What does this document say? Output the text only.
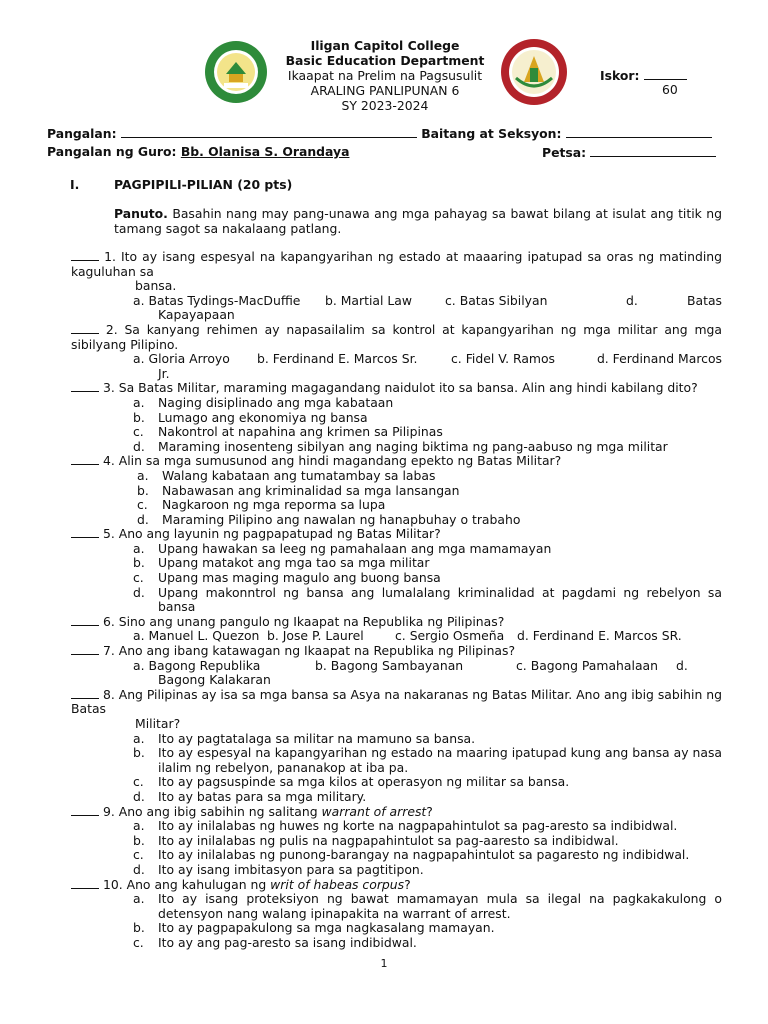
Iligan Capitol College
Basic Education Department
Ikaapat na Prelim na Pagsusulit
ARALING PANLIPUNAN 6
SY 2023-2024
Iskor:
60
Pangalan:	Baitang at Seksyon:
Pangalan ng Guro: Bb. Olanisa S. Orandaya	Petsa:
I.	PAGPIPILI-PILIAN (20 pts)
Panuto. Basahin nang may pang-unawa ang mga pahayag sa bawat bilang at isulat ang titik ng tamang sagot sa nakalaang patlang.
1. Ito ay isang espesyal na kapangyarihan ng estado at maaaring ipatupad sa oras ng matinding kaguluhan sa
bansa.
a. Batas Tydings-MacDuffie	b. Martial Law	c. Batas Sibilyan	d.	Batas
Kapayapaan
2. Sa kanyang rehimen ay napasailalim sa kontrol at kapangyarihan ng mga militar ang mga sibilyang Pilipino.
a. Gloria Arroyo	b. Ferdinand E. Marcos Sr.	c. Fidel V. Ramos	d. Ferdinand Marcos
Jr.
3. Sa Batas Militar, maraming magagandang naidulot ito sa bansa. Alin ang hindi kabilang dito?
a.	Naging disiplinado ang mga kabataan
b.	Lumago ang ekonomiya ng bansa
c.	Nakontrol at napahina ang krimen sa Pilipinas
d.	Maraming inosenteng sibilyan ang naging biktima ng pang-aabuso ng mga militar
4. Alin sa mga sumusunod ang hindi magandang epekto ng Batas Militar?
a.	Walang kabataan ang tumatambay sa labas
b.	Nabawasan ang kriminalidad sa mga lansangan
c.	Nagkaroon ng mga reporma sa lupa
d.	Maraming Pilipino ang nawalan ng hanapbuhay o trabaho
5. Ano ang layunin ng pagpapatupad ng Batas Militar?
a.	Upang hawakan sa leeg ng pamahalaan ang mga mamamayan
b.	Upang matakot ang mga tao sa mga militar
c.	Upang mas maging magulo ang buong bansa
d.	Upang makonntrol ng bansa ang lumalalang kriminalidad at pagdami ng rebelyon sa bansa
6. Sino ang unang pangulo ng Ikaapat na Republika ng Pilipinas?
a. Manuel L. Quezon b. Jose P. Laurel	c. Sergio Osmeña	d. Ferdinand E. Marcos SR.
7. Ano ang ibang katawagan ng Ikaapat na Republika ng Pilipinas?
a. Bagong Republika	b. Bagong Sambayanan	c. Bagong Pamahalaan	d.
Bagong Kalakaran
8. Ang Pilipinas ay isa sa mga bansa sa Asya na nakaranas ng Batas Militar. Ano ang ibig sabihin ng Batas
Militar?
a.	Ito ay pagtatalaga sa militar na mamuno sa bansa.
b.	Ito ay espesyal na kapangyarihan ng estado na maaring ipatupad kung ang bansa ay nasa ilalim ng rebelyon, pananakop at iba pa.
c.	Ito ay pagsuspinde sa mga kilos at operasyon ng militar sa bansa.
d.	Ito ay batas para sa mga military.
9. Ano ang ibig sabihin ng salitang warrant of arrest?
a.	Ito ay inilalabas ng huwes ng korte na nagpapahintulot sa pag-aresto sa indibidwal.
b.	Ito ay inilalabas ng pulis na nagpapahintulot sa pag-aaresto sa indibidwal.
c.	Ito ay inilalabas ng punong-barangay na nagpapahintulot sa pagaresto ng indibidwal.
d.	Ito ay isang imbitasyon para sa pagtitipon.
10. Ano ang kahulugan ng writ of habeas corpus?
a.	Ito ay isang proteksiyon ng bawat mamamayan mula sa ilegal na pagkakakulong o detensyon nang walang ipinapakita na warrant of arrest.
b.	Ito ay pagpapakulong sa mga nagkasalang mamayan.
c.	Ito ay ang pag-aresto sa isang indibidwal.
1
